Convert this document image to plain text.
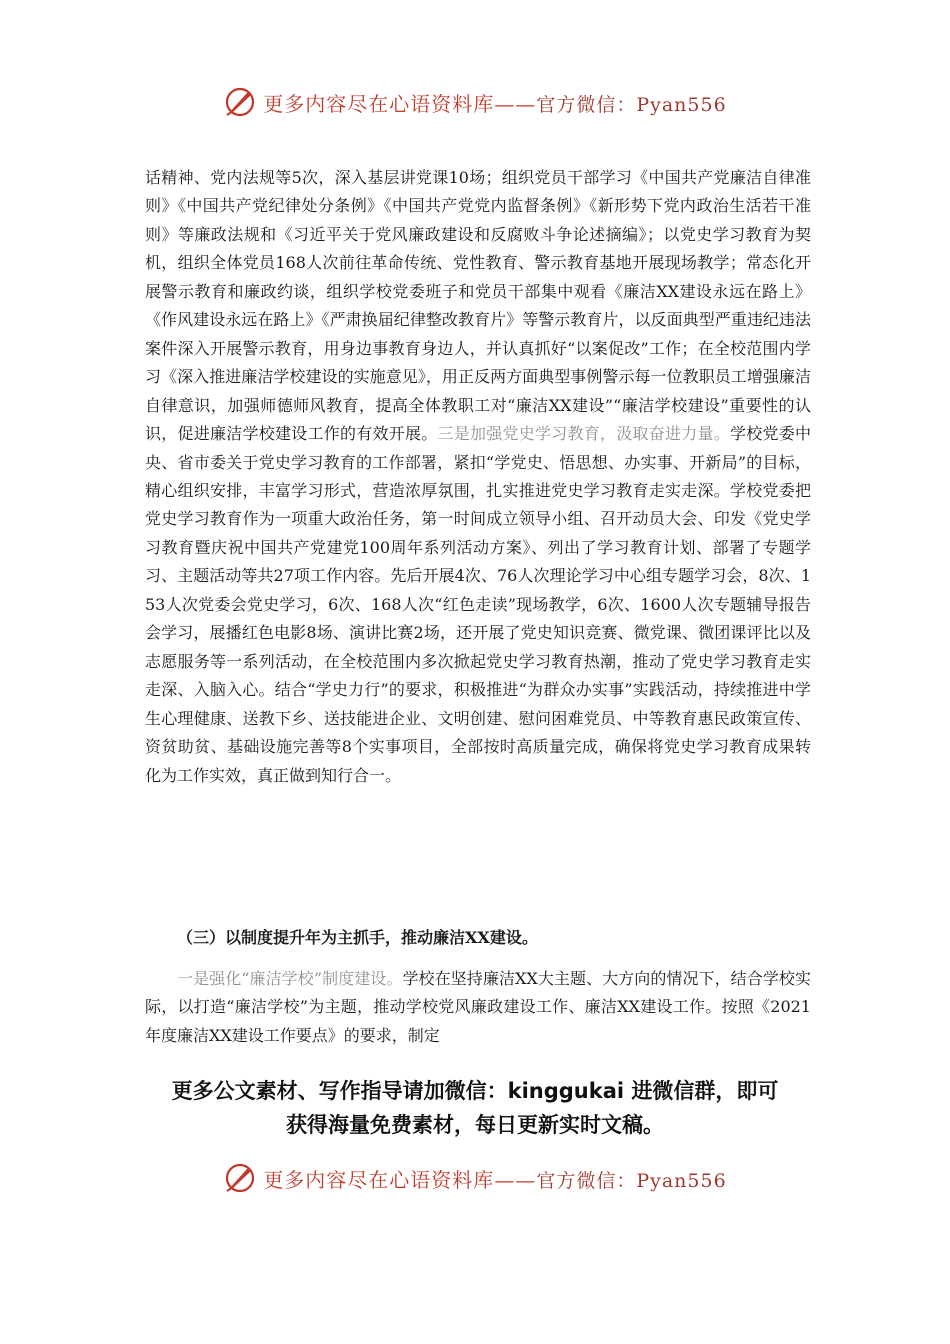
更多内容尽在心语资料库——官方微信：Pyan556

话精神、党内法规等5次，深入基层讲党课10场；组织党员干部学习《中国共产党廉洁自律准则》《中国共产党纪律处分条例》《中国共产党党内监督条例》《新形势下党内政治生活若干准则》等廉政法规和《习近平关于党风廉政建设和反腐败斗争论述摘编》；以党史学习教育为契机，组织全体党员168人次前往革命传统、党性教育、警示教育基地开展现场教学；常态化开展警示教育和廉政约谈，组织学校党委班子和党员干部集中观看《廉洁XX建设永远在路上》《作风建设永远在路上》《严肃换届纪律整改教育片》等警示教育片，以反面典型严重违纪违法案件深入开展警示教育，用身边事教育身边人，并认真抓好“以案促改”工作；在全校范围内学习《深入推进廉洁学校建设的实施意见》，用正反两方面典型事例警示每一位教职员工增强廉洁自律意识，加强师德师风教育，提高全体教职工对“廉洁XX建设”“廉洁学校建设”重要性的认识，促进廉洁学校建设工作的有效开展。三是加强党史学习教育，汲取奋进力量。学校党委中央、省市委关于党史学习教育的工作部署，紧扣“学党史、悟思想、办实事、开新局”的目标，精心组织安排，丰富学习形式，营造浓厚氛围，扎实推进党史学习教育走实走深。学校党委把党史学习教育作为一项重大政治任务，第一时间成立领导小组、召开动员大会、印发《党史学习教育暨庆祝中国共产党建党100周年系列活动方案》、列出了学习教育计划、部署了专题学习、主题活动等共27项工作内容。先后开展4次、76人次理论学习中心组专题学习会，8次、153人次党委会党史学习，6次、168人次“红色走读”现场教学，6次、1600人次专题辅导报告会学习，展播红色电影8场、演讲比赛2场，还开展了党史知识竞赛、微党课、微团课评比以及志愿服务等一系列活动，在全校范围内多次掀起党史学习教育热潮，推动了党史学习教育走实走深、入脑入心。结合“学史力行”的要求，积极推进“为群众办实事”实践活动，持续推进中学生心理健康、送教下乡、送技能进企业、文明创建、慰问困难党员、中等教育惠民政策宣传、资贫助贫、基础设施完善等8个实事项目，全部按时高质量完成，确保将党史学习教育成果转化为工作实效，真正做到知行合一。

（三）以制度提升年为主抓手，推动廉洁XX建设。
一是强化“廉洁学校”制度建设。学校在坚持廉洁XX大主题、大方向的情况下，结合学校实际，以打造“廉洁学校”为主题，推动学校党风廉政建设工作、廉洁XX建设工作。按照《2021年度廉洁XX建设工作要点》的要求，制定
更多公文素材、写作指导请加微信：kinggukai 进微信群，即可
获得海量免费素材，每日更新实时文稿。
更多内容尽在心语资料库——官方微信：Pyan556
